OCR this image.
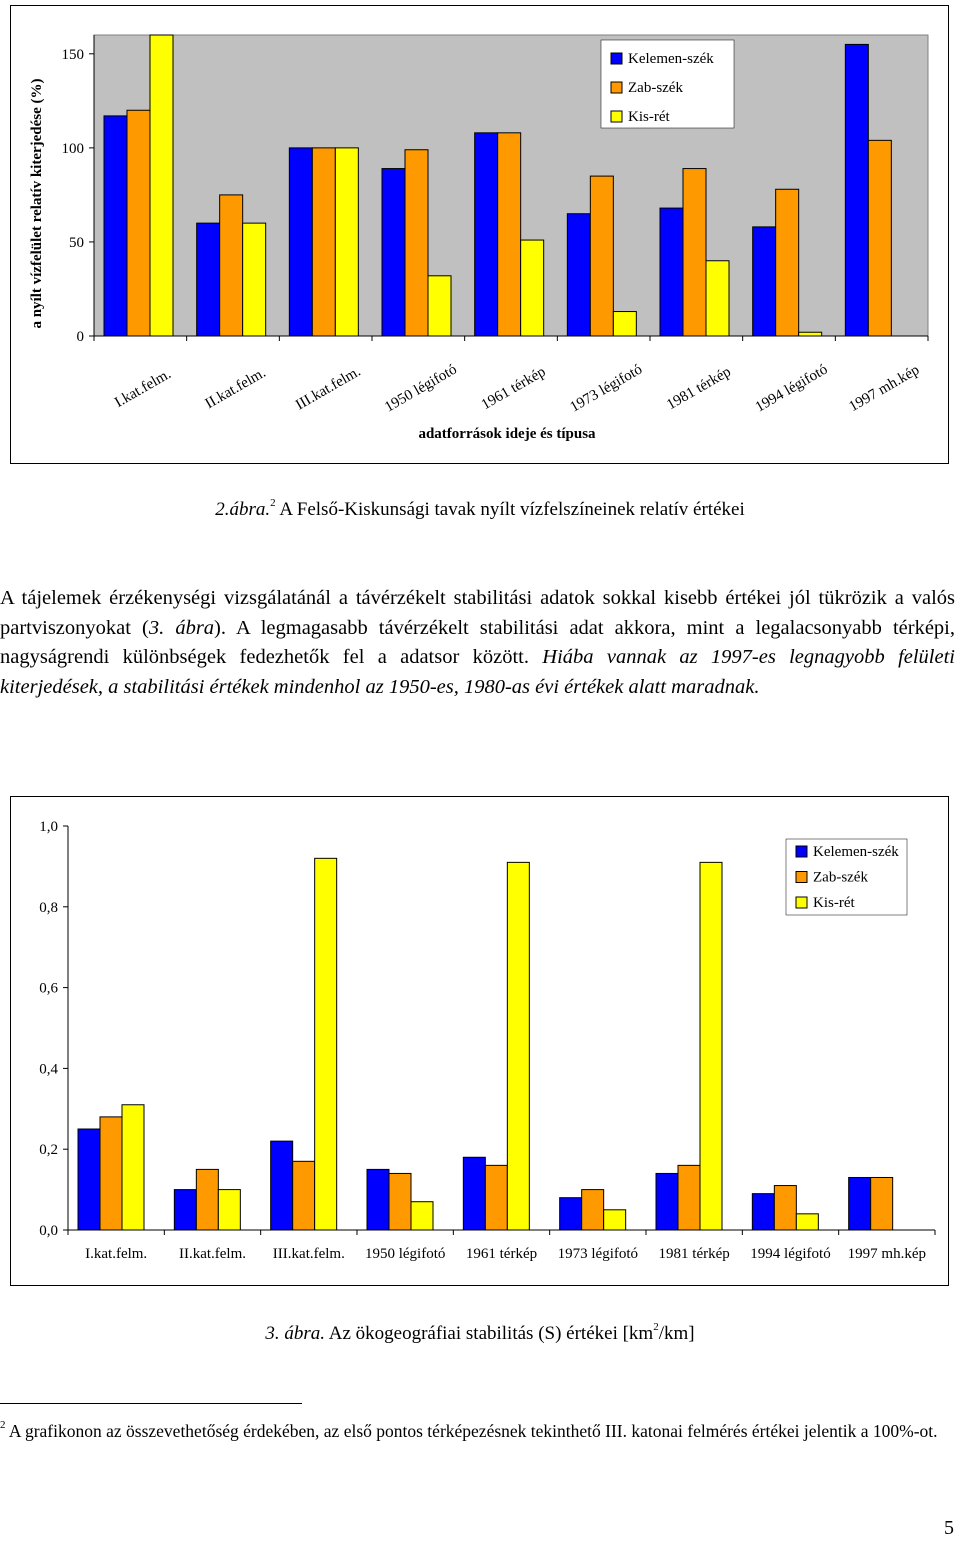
0
50
100
150
I.kat.felm. II.kat.felm. III.kat.felm. 1950 légifotó 1961 térkép 1973 légifotó 1981 térkép 1994 légifotó 1997 mh.kép
Kelemen-szék
Zab-szék
Kis-rét
a nyílt vízfelület relatív kiterjedése (%)
adatforrások ideje és típusa
2.ábra.$^2$ A Felső-Kiskunsági tavak nyílt vízfelszíneinek relatív értékei
A tájelemek érzékenységi vizsgálatánál a távérzékelt stabilitási adatok sokkal kisebb értékei jól tükrözik a valós partviszonyokat (3. ábra). A legmagasabb távérzékelt stabilitási adat akkora, mint a legalacsonyabb térképi, nagyságrendi különbségek fedezhetők fel a adatsor között. Hiába vannak az 1997-es legnagyobb felületi kiterjedések, a stabilitási értékek mindenhol az 1950-es, 1980-as évi értékek alatt maradnak.
0,0
0,2
0,4
0,6
0,8
1,0
I.kat.felm. II.kat.felm. III.kat.felm. 1950 légifotó 1961 térkép 1973 légifotó 1981 térkép 1994 légifotó 1997 mh.kép
Kelemen-szék
Zab-szék
Kis-rét
3. ábra. Az ökogeográfiai stabilitás (S) értékei $[km^2/km]$
$^2$ A grafikonon az összevethetőség érdekében, az első pontos térképezésnek tekinthető III. katonai felmérés értékei jelentik a 100%-ot.
5
